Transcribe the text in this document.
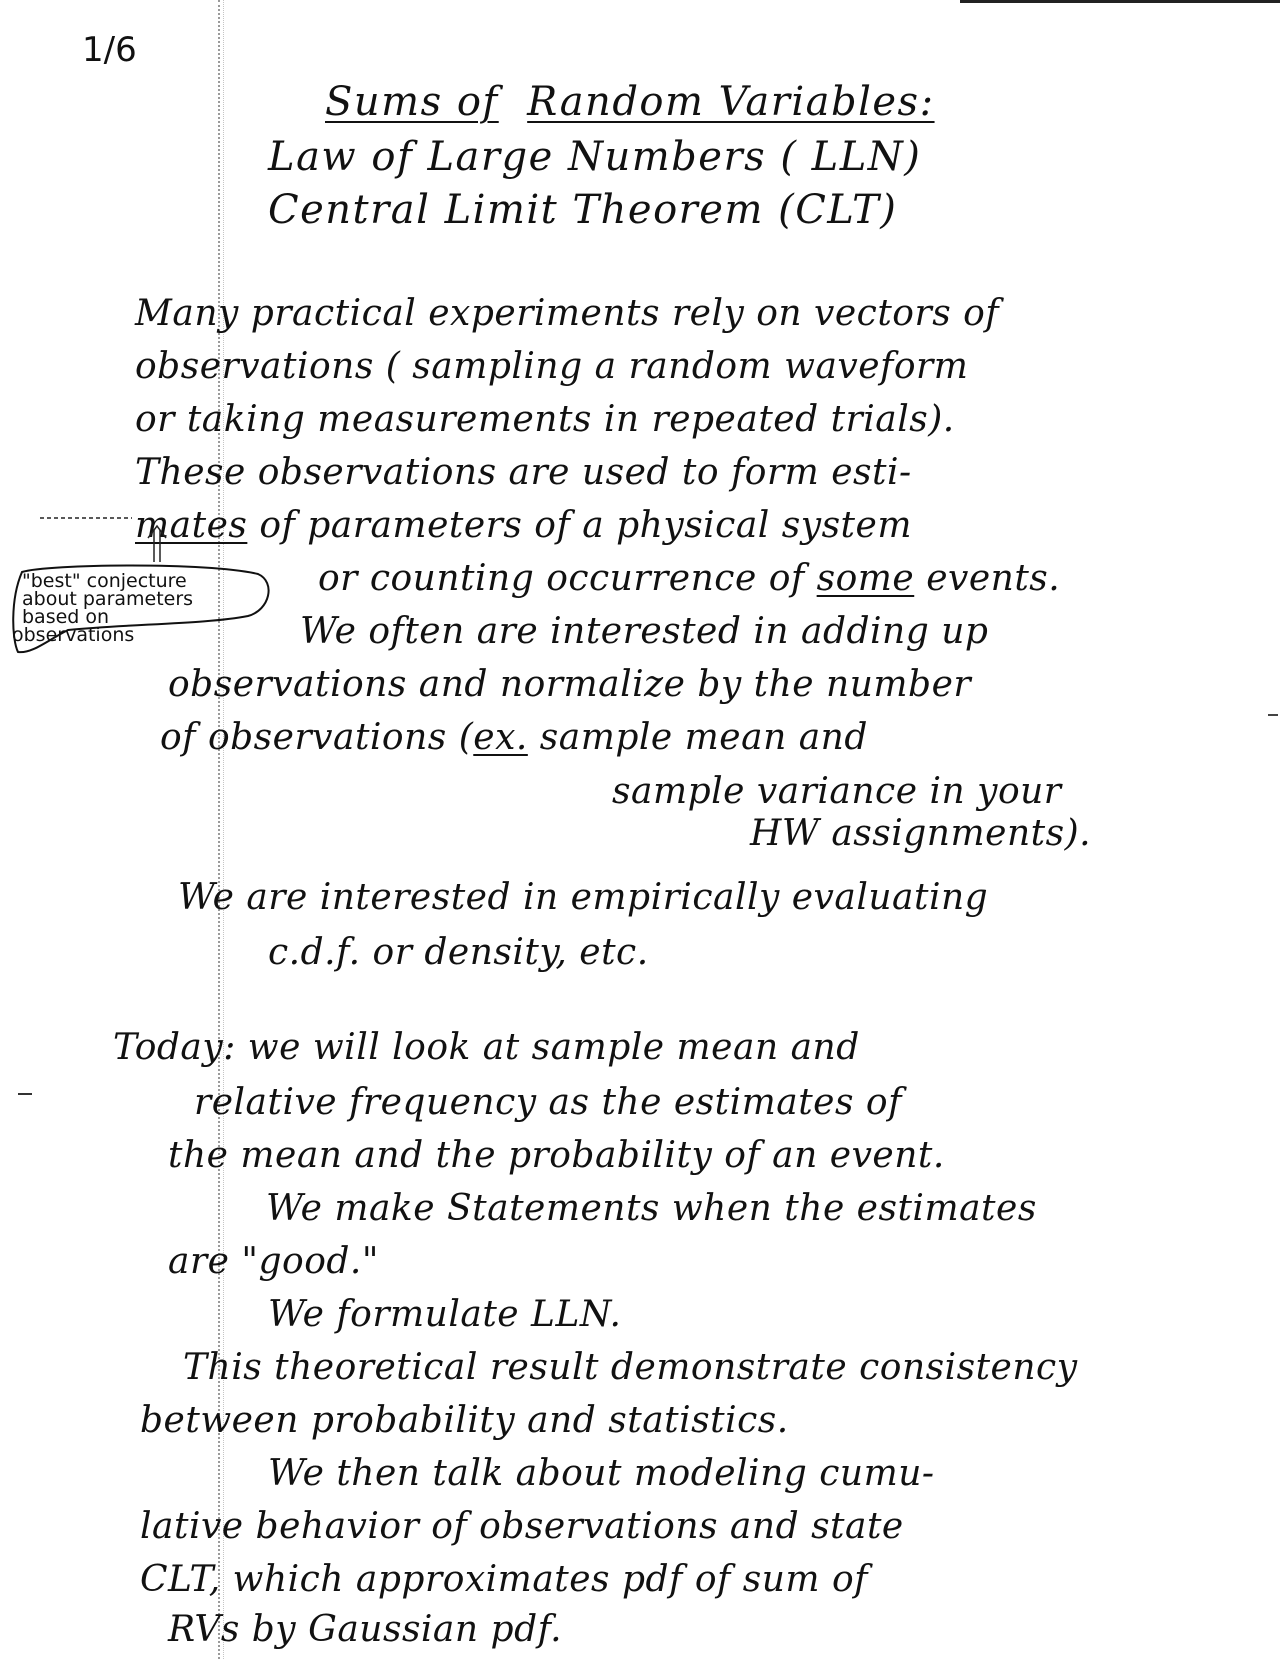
1/6
Sums of Random Variables:
Law of Large Numbers ( LLN)
Central Limit Theorem (CLT)
Many practical experiments rely on vectors of
observations ( sampling a random waveform
or taking measurements in repeated trials).
These observations are used to form esti-
mates of parameters of a physical system
or counting occurrence of some events.
We often are interested in adding up
observations and normalize by the number
of observations (ex. sample mean and
sample variance in your
HW assignments).
"best" conjecture
about parameters
based on
observations
We are interested in empirically evaluating
c.d.f. or density, etc.
Today: we will look at sample mean and
relative frequency as the estimates of
the mean and the probability of an event.
We make Statements when the estimates
are "good."
We formulate LLN.
This theoretical result demonstrate consistency
between probability and statistics.
We then talk about modeling cumu-
lative behavior of observations and state
CLT, which approximates pdf of sum of
RVs by Gaussian pdf.
